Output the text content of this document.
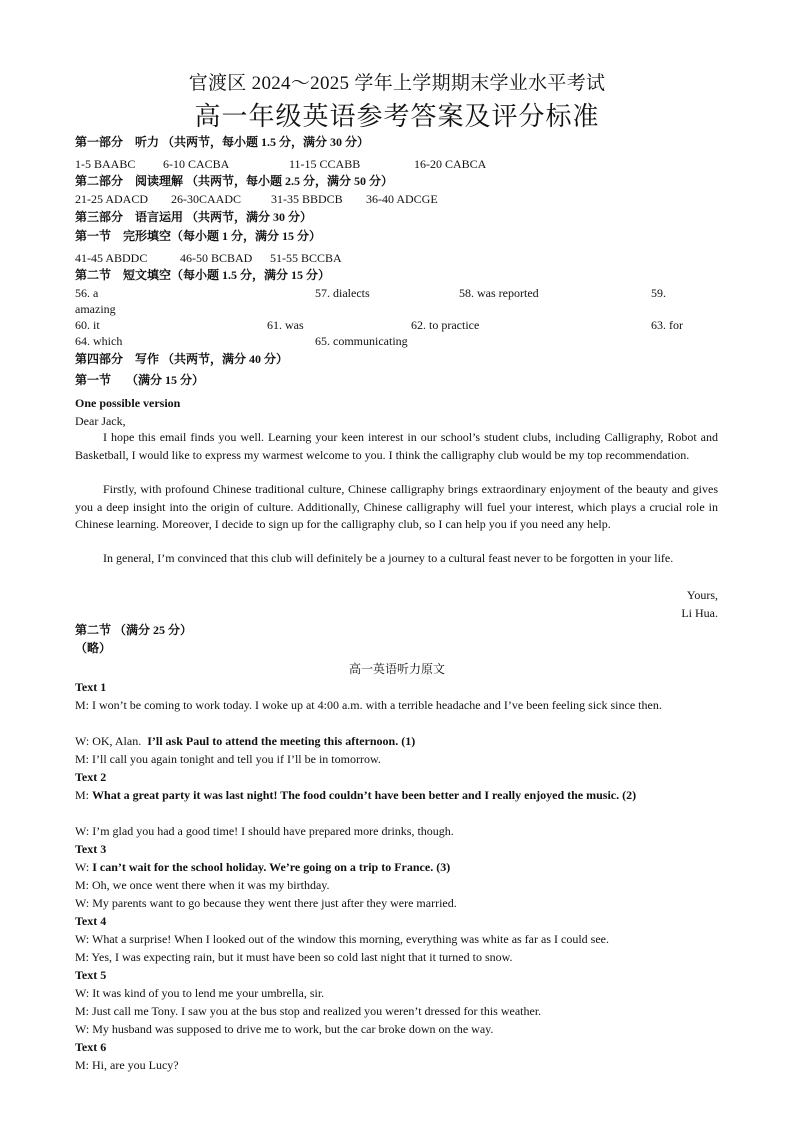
官渡区 2024～2025 学年上学期期末学业水平考试
高一年级英语参考答案及评分标准
第一部分　听力 （共两节，每小题 1.5 分，满分 30 分）
1-5 BAABC 6-10 CACBA	11-15 CCABB	16-20 CABCA
第二部分　阅读理解 （共两节，每小题 2.5 分，满分 50 分）
21-25 ADACD 26-30CAADC 31-35 BBDCB 36-40 ADCGE
第三部分　语言运用 （共两节，满分 30 分）
第一节　完形填空（每小题 1 分，满分 15 分）
41-45 ABDDC	46-50 BCBAD 51-55 BCCBA
第二节　短文填空（每小题 1.5 分，满分 15 分）
56. a	57. dialects	58. was reported	59.
amazing
60. it	61. was	62. to practice	63. for
64. which	65. communicating
第四部分　写作 （共两节，满分 40 分）
第一节　 （满分 15 分）
One possible version
Dear Jack,
I hope this email finds you well. Learning your keen interest in our school’s student clubs, including Calligraphy, Robot and Basketball, I would like to express my warmest welcome to you. I think the calligraphy club would be my top recommendation.
Firstly, with profound Chinese traditional culture, Chinese calligraphy brings extraordinary enjoyment of the beauty and gives you a deep insight into the origin of culture. Additionally, Chinese calligraphy will fuel your interest, which plays a crucial role in Chinese learning. Moreover, I decide to sign up for the calligraphy club, so I can help you if you need any help.
In general, I’m convinced that this club will definitely be a journey to a cultural feast never to be forgotten in your life.
Yours,
Li Hua.
第二节 （满分 25 分）
（略）
高一英语听力原文
Text 1
M: I won’t be coming to work today. I woke up at 4:00 a.m. with a terrible headache and I’ve been feeling sick since then.
W: OK, Alan. I’ll ask Paul to attend the meeting this afternoon. (1)
M: I’ll call you again tonight and tell you if I’ll be in tomorrow.
Text 2
M: What a great party it was last night! The food couldn’t have been better and I really enjoyed the music. (2)
W: I’m glad you had a good time! I should have prepared more drinks, though.
Text 3
W: I can’t wait for the school holiday. We’re going on a trip to France. (3)
M: Oh, we once went there when it was my birthday.
W: My parents want to go because they went there just after they were married.
Text 4
W: What a surprise! When I looked out of the window this morning, everything was white as far as I could see.
M: Yes, I was expecting rain, but it must have been so cold last night that it turned to snow.
Text 5
W: It was kind of you to lend me your umbrella, sir.
M: Just call me Tony. I saw you at the bus stop and realized you weren’t dressed for this weather.
W: My husband was supposed to drive me to work, but the car broke down on the way.
Text 6
M: Hi, are you Lucy?
